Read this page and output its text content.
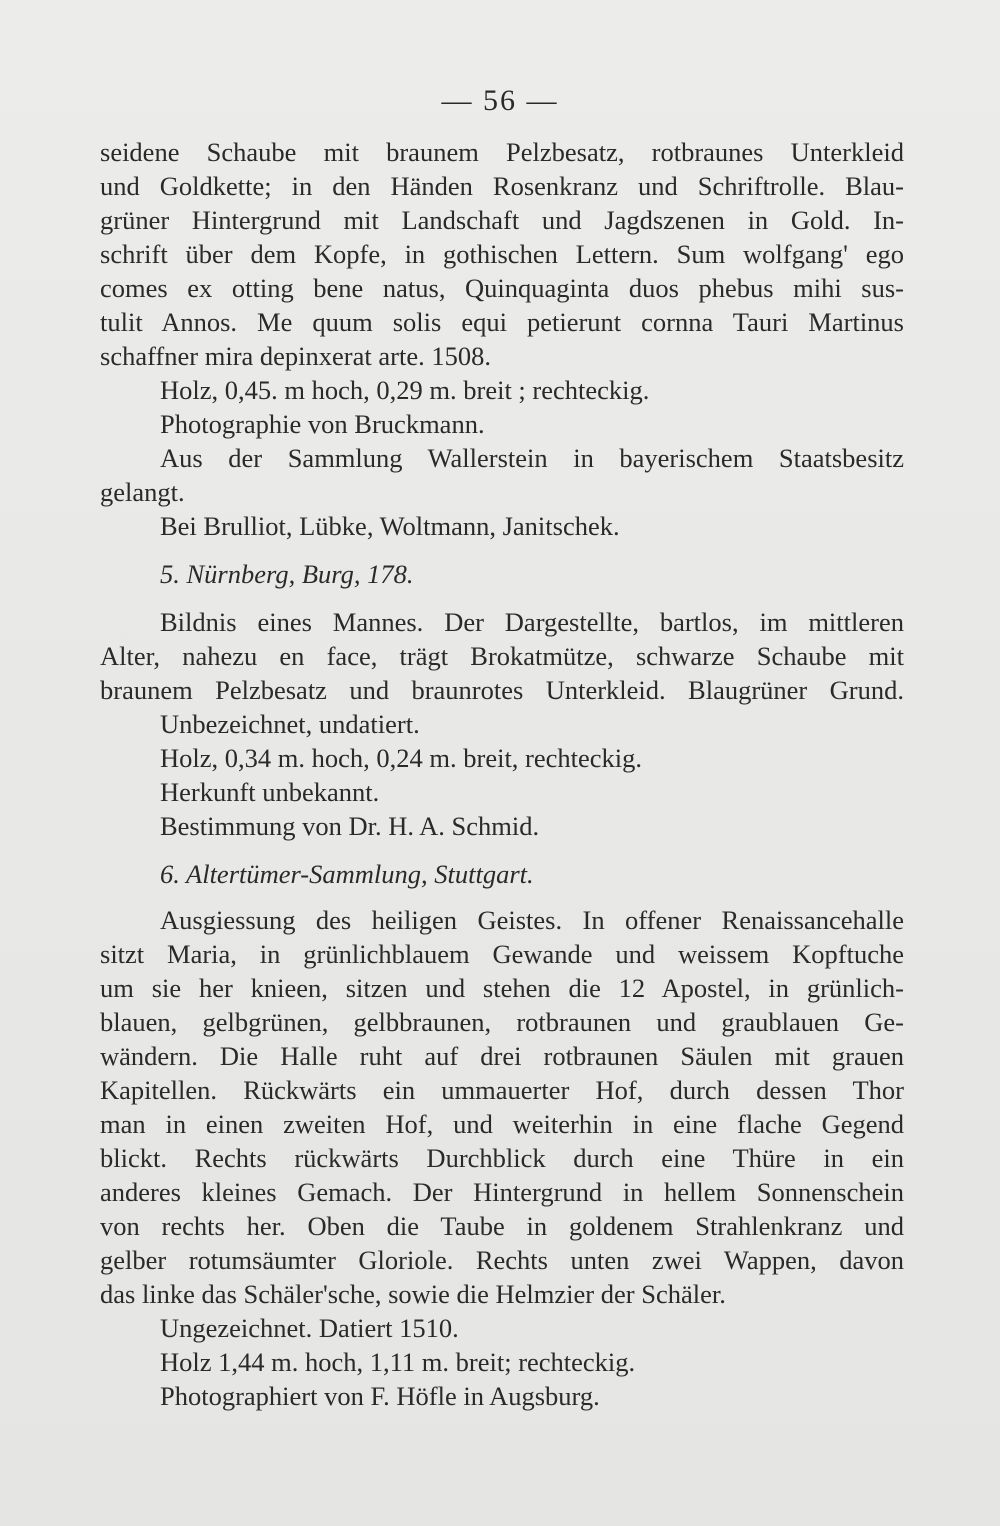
— 56 —
seidene Schaube mit braunem Pelzbesatz, rotbraunes Unterkleid
und Goldkette; in den Händen Rosenkranz und Schriftrolle. Blau-
grüner Hintergrund mit Landschaft und Jagdszenen in Gold. In-
schrift über dem Kopfe, in gothischen Lettern. Sum wolfgang' ego
comes ex otting bene natus, Quinquaginta duos phebus mihi sus-
tulit Annos. Me quum solis equi petierunt cornna Tauri Martinus
schaffner mira depinxerat arte. 1508.
Holz, 0,45. m hoch, 0,29 m. breit ; rechteckig.
Photographie von Bruckmann.
Aus der Sammlung Wallerstein in bayerischem Staatsbesitz
gelangt.
Bei Brulliot, Lübke, Woltmann, Janitschek.
5. Nürnberg, Burg, 178.
Bildnis eines Mannes. Der Dargestellte, bartlos, im mittleren
Alter, nahezu en face, trägt Brokatmütze, schwarze Schaube mit
braunem Pelzbesatz und braunrotes Unterkleid. Blaugrüner Grund.
Unbezeichnet, undatiert.
Holz, 0,34 m. hoch, 0,24 m. breit, rechteckig.
Herkunft unbekannt.
Bestimmung von Dr. H. A. Schmid.
6. Altertümer-Sammlung, Stuttgart.
Ausgiessung des heiligen Geistes. In offener Renaissancehalle
sitzt Maria, in grünlichblauem Gewande und weissem Kopftuche
um sie her knieen, sitzen und stehen die 12 Apostel, in grünlich-
blauen, gelbgrünen, gelbbraunen, rotbraunen und graublauen Ge-
wändern. Die Halle ruht auf drei rotbraunen Säulen mit grauen
Kapitellen. Rückwärts ein ummauerter Hof, durch dessen Thor
man in einen zweiten Hof, und weiterhin in eine flache Gegend
blickt. Rechts rückwärts Durchblick durch eine Thüre in ein
anderes kleines Gemach. Der Hintergrund in hellem Sonnenschein
von rechts her. Oben die Taube in goldenem Strahlenkranz und
gelber rotumsäumter Gloriole. Rechts unten zwei Wappen, davon
das linke das Schäler'sche, sowie die Helmzier der Schäler.
Ungezeichnet. Datiert 1510.
Holz 1,44 m. hoch, 1,11 m. breit; rechteckig.
Photographiert von F. Höfle in Augsburg.
